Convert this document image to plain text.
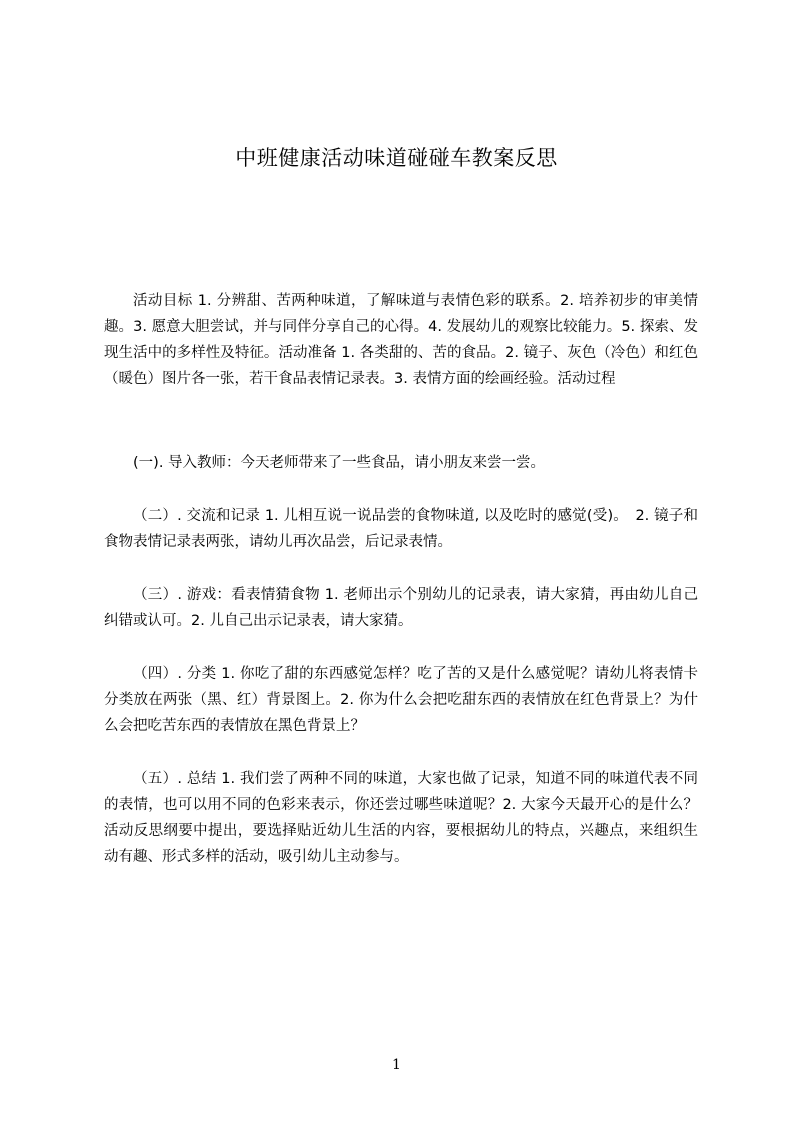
中班健康活动味道碰碰车教案反思

活动目标 1. 分辨甜、苦两种味道，了解味道与表情色彩的联系。2. 培养初步的审美情趣。3. 愿意大胆尝试，并与同伴分享自己的心得。4. 发展幼儿的观察比较能力。5. 探索、发现生活中的多样性及特征。活动准备 1. 各类甜的、苦的食品。2. 镜子、灰色（冷色）和红色（暖色）图片各一张，若干食品表情记录表。3. 表情方面的绘画经验。活动过程

(一). 导入教师：今天老师带来了一些食品，请小朋友来尝一尝。

（二）. 交流和记录 1. 儿相互说一说品尝的食物味道, 以及吃时的感觉(受)。　2. 镜子和食物表情记录表两张，请幼儿再次品尝，后记录表情。

（三）. 游戏：看表情猜食物 1. 老师出示个别幼儿的记录表，请大家猜，再由幼儿自己纠错或认可。2. 儿自己出示记录表，请大家猜。

（四）. 分类 1. 你吃了甜的东西感觉怎样？吃了苦的又是什么感觉呢？请幼儿将表情卡分类放在两张（黑、红）背景图上。2. 你为什么会把吃甜东西的表情放在红色背景上？为什么会把吃苦东西的表情放在黑色背景上？

（五）. 总结 1. 我们尝了两种不同的味道，大家也做了记录，知道不同的味道代表不同的表情，也可以用不同的色彩来表示，你还尝过哪些味道呢？2. 大家今天最开心的是什么？活动反思纲要中提出，要选择贴近幼儿生活的内容，要根据幼儿的特点，兴趣点，来组织生动有趣、形式多样的活动，吸引幼儿主动参与。

1
